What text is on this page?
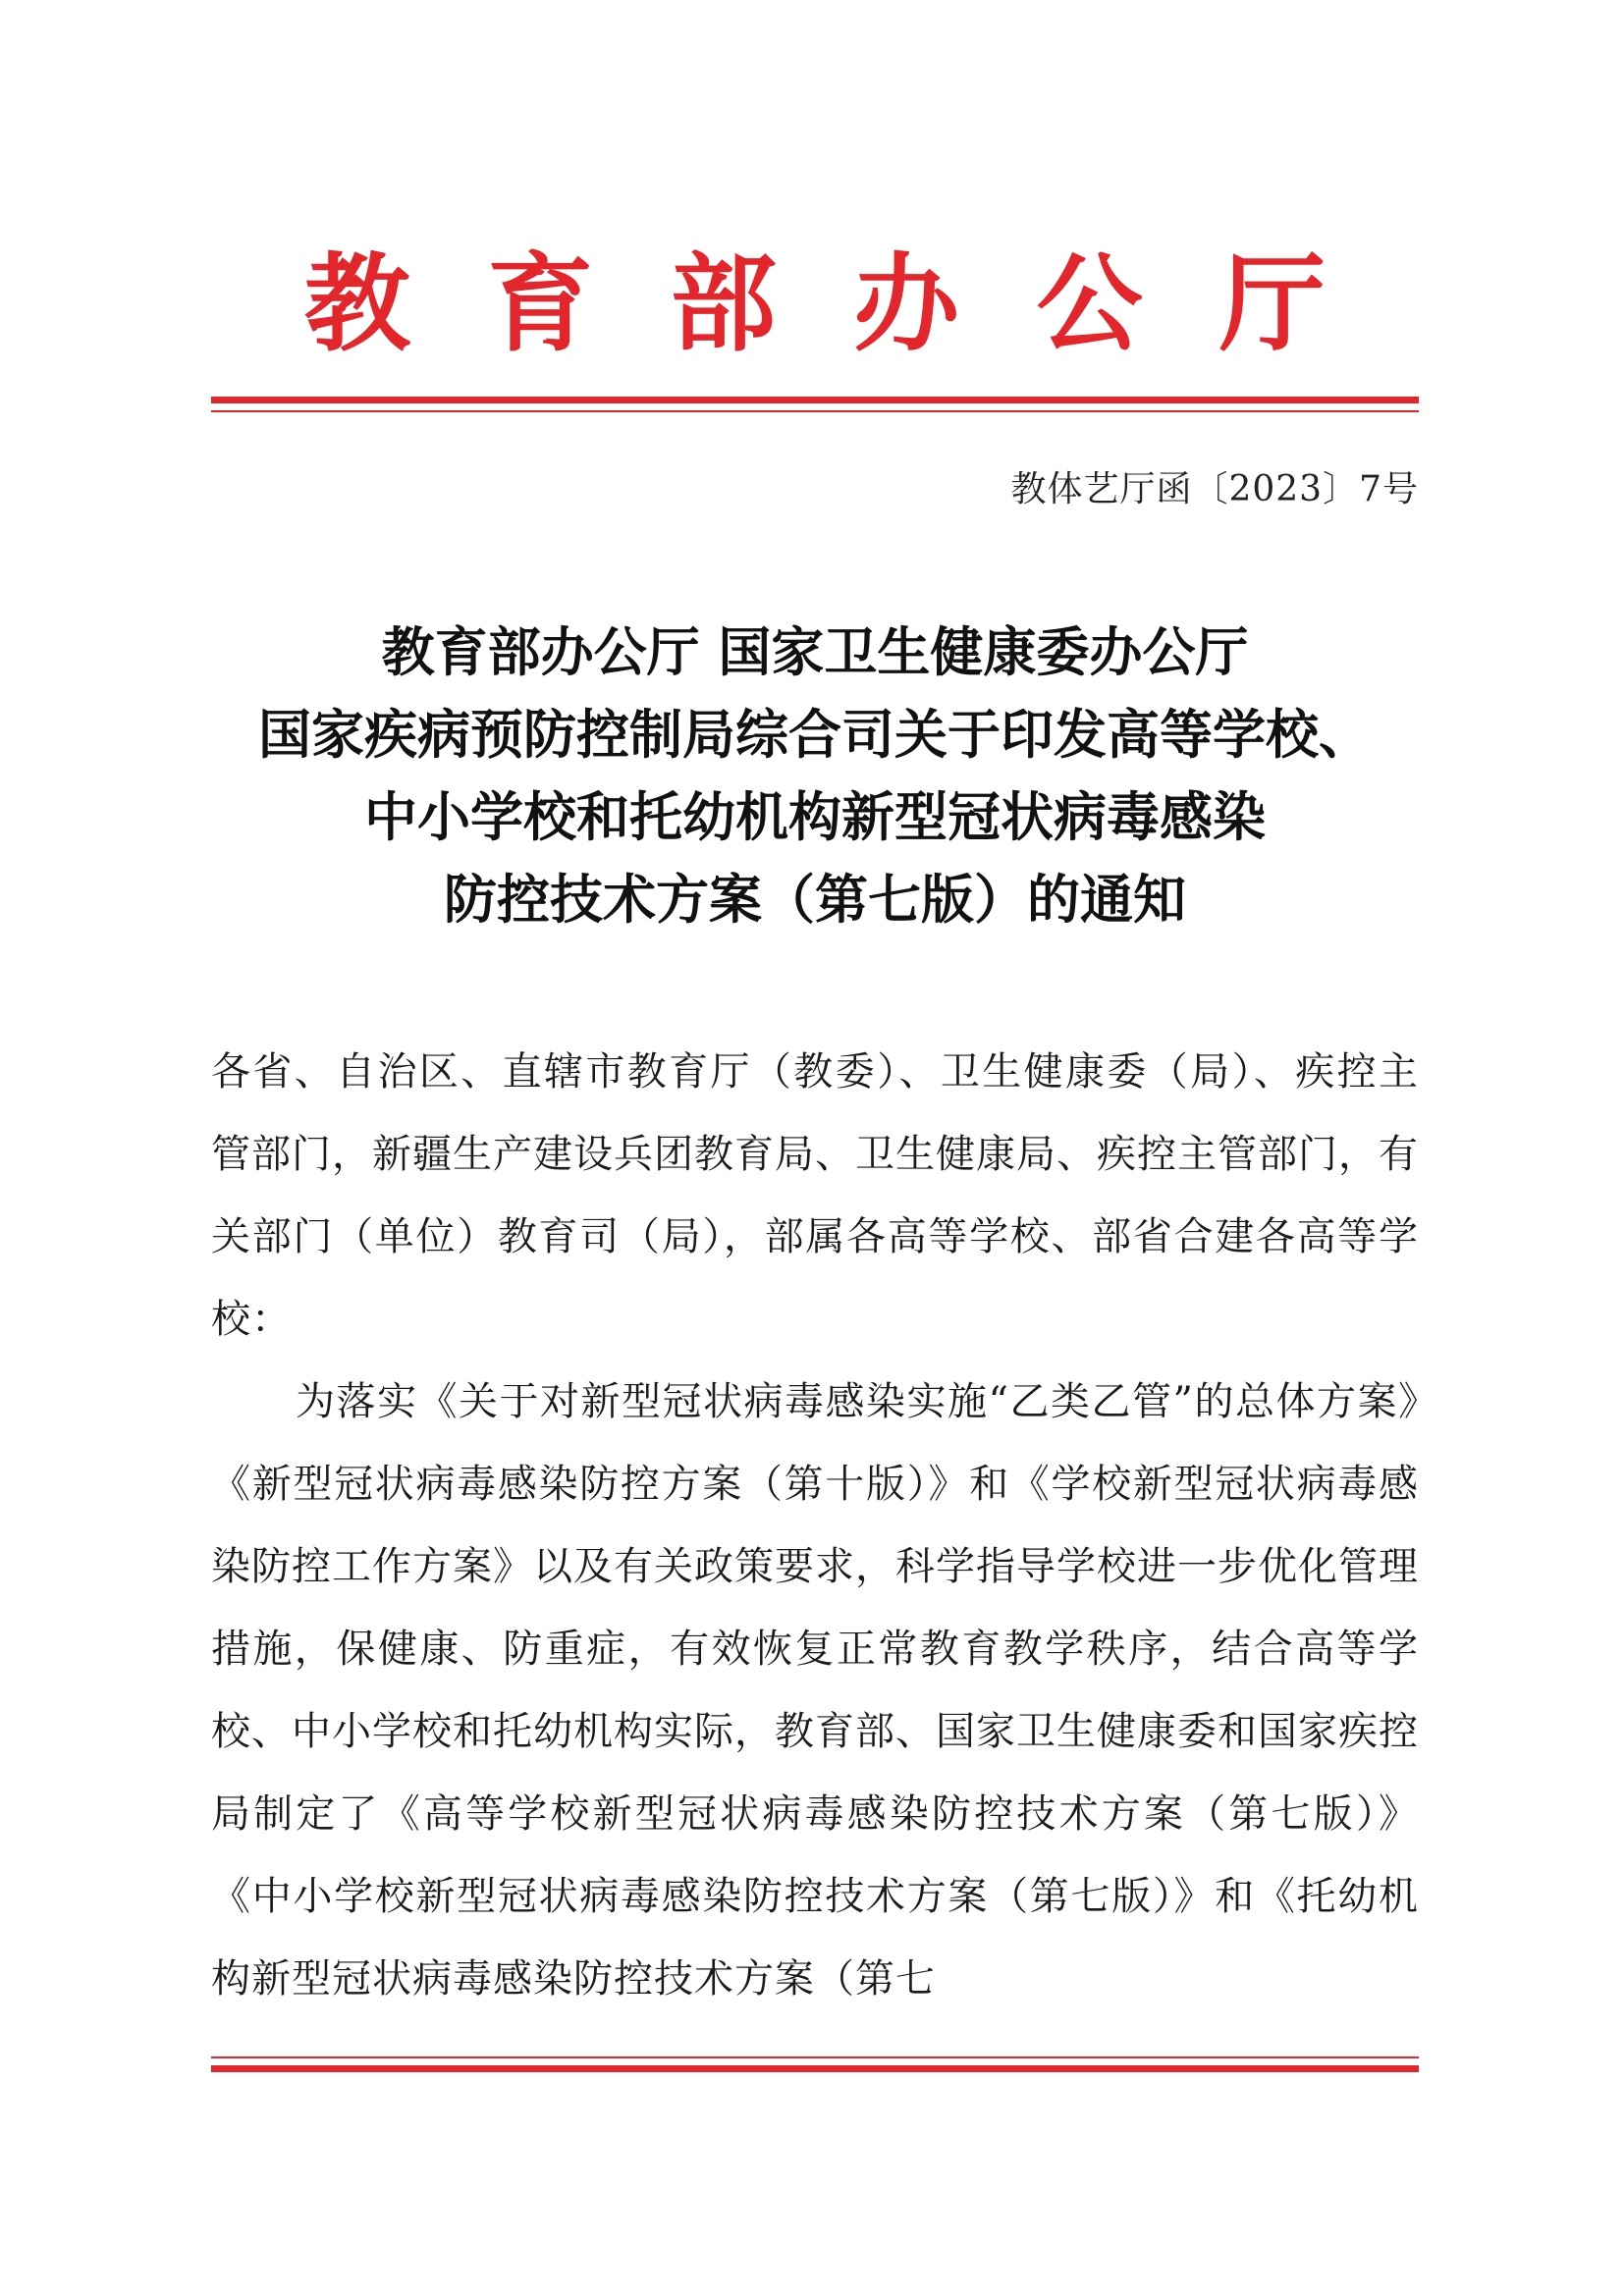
教 育 部 办 公 厅
教体艺厅函〔2023〕7号
教育部办公厅 国家卫生健康委办公厅
国家疾病预防控制局综合司关于印发高等学校、
中小学校和托幼机构新型冠状病毒感染
防控技术方案（第七版）的通知

各省、自治区、直辖市教育厅（教委）、卫生健康委（局）、疾控主管部门，新疆生产建设兵团教育局、卫生健康局、疾控主管部门，有关部门（单位）教育司（局），部属各高等学校、部省合建各高等学校：

为落实《关于对新型冠状病毒感染实施“乙类乙管”的总体方案》《新型冠状病毒感染防控方案（第十版）》和《学校新型冠状病毒感染防控工作方案》以及有关政策要求，科学指导学校进一步优化管理措施，保健康、防重症，有效恢复正常教育教学秩序，结合高等学校、中小学校和托幼机构实际，教育部、国家卫生健康委和国家疾控局制定了《高等学校新型冠状病毒感染防控技术方案（第七版）》《中小学校新型冠状病毒感染防控技术方案（第七版）》和《托幼机构新型冠状病毒感染防控技术方案（第七
